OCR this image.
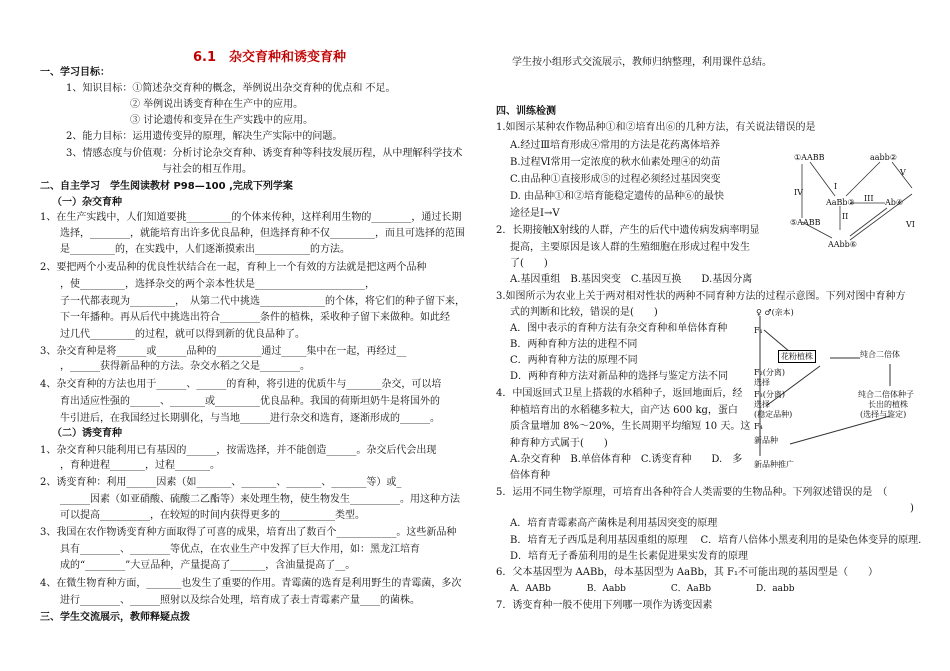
6.1　杂交育种和诱变育种
一、学习目标：
1、知识目标：①简述杂交育种的概念，举例说出杂交育种的优点和 不足。
② 举例说出诱变育种在生产中的应用。
③ 讨论遗传和变异在生产实践中的应用。
2、能力目标：运用遗传变异的原理，解决生产实际中的问题。
3、情感态度与价值观：分析讨论杂交育种、诱变育种等科技发展历程，从中理解科学技术
与社会的相互作用。
二、自主学习　学生阅读教材 P98—100 ,完成下列学案
（一）杂交育种
1、在生产实践中，人们知道要挑_________的个体来传种，这样利用生物的________，通过长期
选择，________，就能培育出许多优良品种，但选择育种不仅_________，而且可选择的范围
是_________的，在实践中，人们逐渐摸索出___________的方法。
2、要把两个小麦品种的优良性状结合在一起，育种上一个有效的方法就是把这两个品种
，使_________，选择杂交的两个亲本性状是______________________，
子一代都表现为_________，　从第二代中挑选_____________的个体，将它们的种子留下来，
下一年播种。再从后代中挑选出符合________条件的植株，采收种子留下来做种。如此经
过几代_________的过程，就可以得到新的优良品种了。
3、杂交育种是将______或______品种的_________通过_____集中在一起，再经过__
，______获得新品种的方法。杂交水稻之父是________。
4、杂交育种的方法也用于______、______的育种，将引进的优质牛与_______杂交，可以培
育出适应性强的______、_______或_________优良品种。我国的荷斯坦奶牛是将国外的
牛引进后，在我国经过长期驯化，与当地______进行杂交和选育，逐渐形成的______。
（二）诱变育种
1、杂交育种只能利用已有基因的______，按需选择，并不能创造______。杂交后代会出现
，育种进程_______，过程_______。
2、诱变育种：利用______因素（如_______、_______、_______、_______等）或_
______因素（如亚硝酸、硫酸二乙酯等）来处理生物，使生物发生__________。用这种方法
可以提高__________，在较短的时间内获得更多的___________类型。
3、我国在农作物诱变育种方面取得了可喜的成果，培育出了数百个____________。这些新品种
具有________、________等优点，在农业生产中发挥了巨大作用，如：黑龙江培育
成的“________”大豆品种，产量提高了_______，含油量提高了__。
4、在微生物育种方面，_______也发生了重要的作用。青霉菌的选育是利用野生的青霉菌，多次
进行________、______照射以及综合处理，培育成了表士青霉素产量____的菌株。
三、学生交流展示，教师释疑点拨
学生按小组形式交流展示，教师归纳整理，利用课件总结。
四、训练检测
1.如图示某种农作物品种①和②培育出⑥的几种方法，有关说法错误的是
A.经过Ⅲ培育形成④常用的方法是花药离体培养
B.过程Ⅵ常用一定浓度的秋水仙素处理④的幼苗
C.由品种①直接形成⑤的过程必须经过基因突变
D. 由品种①和②培育能稳定遗传的品种⑥的最快
途径是Ⅰ→Ⅴ
2．长期接触X射线的人群，产生的后代中遗传病发病率明显
提高，主要原因是该人群的生殖细胞在形成过程中发生
了(　　)
A.基因重组　B.基因突变　C.基因互换　　D.基因分离
3.如图所示为农业上关于两对相对性状的两种不同育种方法的过程示意图。下列对图中育种方
式的判断和比较，错误的是(　　)
A．图中表示的育种方法有杂交育种和单倍体育种
B．两种育种方法的进程不同
C．两种育种方法的原理不同
D．两种育种方法对新品种的选择与鉴定方法不同
4．中国返回式卫星上搭载的水稻种子，返回地面后，经
种植培育出的水稻穗多粒大，亩产达 600 kg，蛋白
质含量增加 8%～20%，生长周期平均缩短 10 天。这
种育种方式属于(　　)
A.杂交育种　B.单倍体育种　C.诱变育种　　D.　多
倍体育种
5．运用不同生物学原理，可培育出各种符合人类需要的生物品种。下列叙述错误的是　（
)
A．培育青霉素高产菌株是利用基因突变的原理
B．培育无子西瓜是利用基因重组的原理　 C．培育八倍体小黑麦利用的是染色体变异的原理.
D．培育无子番茄利用的是生长素促进果实发育的原理
6．父本基因型为 AABb，母本基因型为 AaBb，其 F₁不可能出现的基因型是（　　）
A．AABb　　　　B．Aabb　　　　　C．AaBb　　　　　D．aabb
7．诱变育种一般不使用下列哪一项作为诱变因素
①AABB	aabb②
AaBb③	Ab④
⑤AABB
AAbb⑥
I
II
III
IV
V
VI
♀ ♂(亲本)
F₁
花粉植株	纯合二倍体
F₂(分离)
选择
F₃(分离)
选择
(稳定品种)
F₄
纯合二倍体种子
长出的植株
(选择与鉴定)
新品种
新品种推广
